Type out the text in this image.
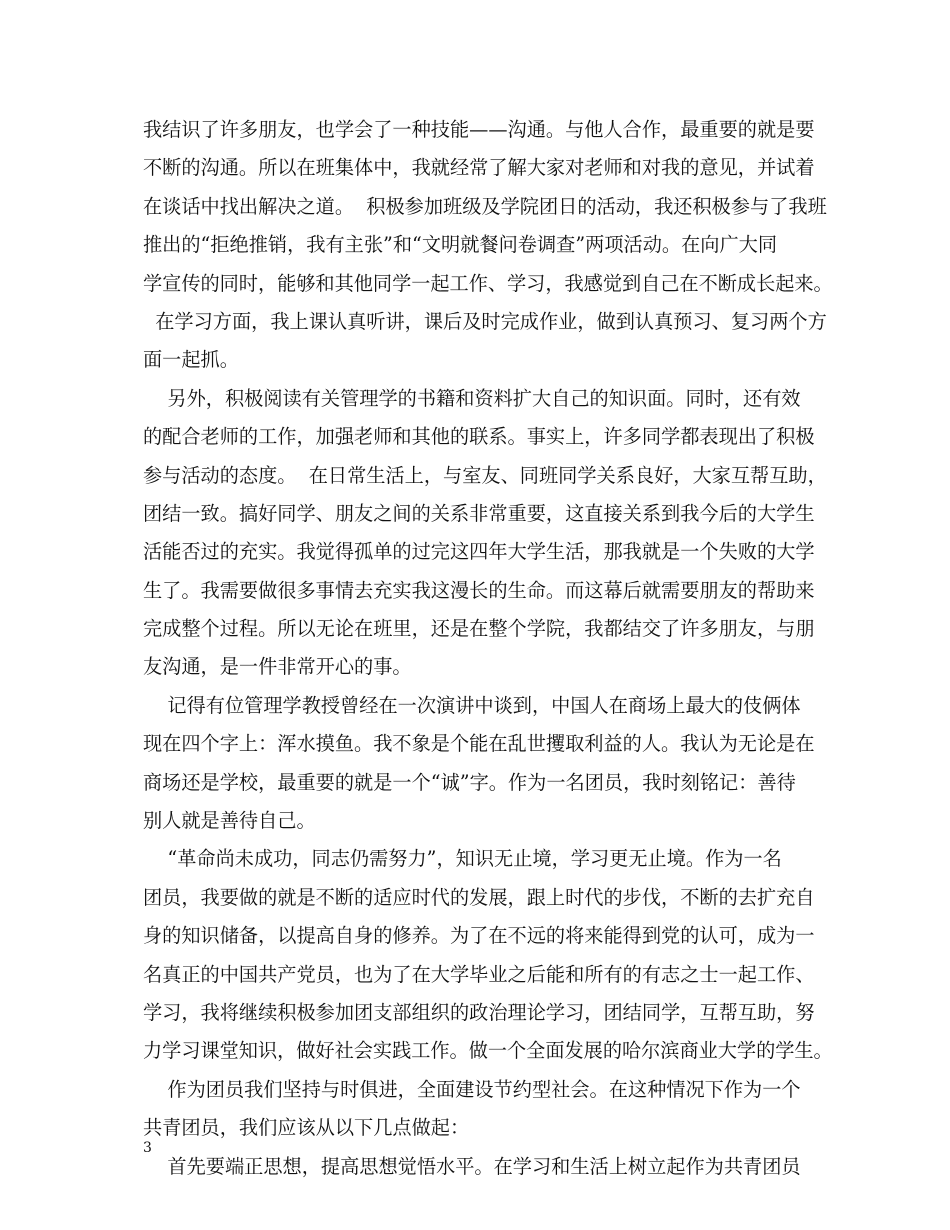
我结识了许多朋友，也学会了一种技能——沟通。与他人合作，最重要的就是要
不断的沟通。所以在班集体中，我就经常了解大家对老师和对我的意见，并试着
在谈话中找出解决之道。  积极参加班级及学院团日的活动，我还积极参与了我班
推出的“拒绝推销，我有主张”和“文明就餐问卷调查”两项活动。在向广大同
学宣传的同时，能够和其他同学一起工作、学习，我感觉到自己在不断成长起来。
在学习方面，我上课认真听讲，课后及时完成作业，做到认真预习、复习两个方
面一起抓。
另外，积极阅读有关管理学的书籍和资料扩大自己的知识面。同时，还有效
的配合老师的工作，加强老师和其他的联系。事实上，许多同学都表现出了积极
参与活动的态度。  在日常生活上，与室友、同班同学关系良好，大家互帮互助，
团结一致。搞好同学、朋友之间的关系非常重要，这直接关系到我今后的大学生
活能否过的充实。我觉得孤单的过完这四年大学生活，那我就是一个失败的大学
生了。我需要做很多事情去充实我这漫长的生命。而这幕后就需要朋友的帮助来
完成整个过程。所以无论在班里，还是在整个学院，我都结交了许多朋友，与朋
友沟通，是一件非常开心的事。
记得有位管理学教授曾经在一次演讲中谈到，中国人在商场上最大的伎俩体
现在四个字上：浑水摸鱼。我不象是个能在乱世攫取利益的人。我认为无论是在
商场还是学校，最重要的就是一个“诚”字。作为一名团员，我时刻铭记：善待
别人就是善待自己。
“革命尚未成功，同志仍需努力”，知识无止境，学习更无止境。作为一名
团员，我要做的就是不断的适应时代的发展，跟上时代的步伐，不断的去扩充自
身的知识储备，以提高自身的修养。为了在不远的将来能得到党的认可，成为一
名真正的中国共产党员，也为了在大学毕业之后能和所有的有志之士一起工作、
学习，我将继续积极参加团支部组织的政治理论学习，团结同学，互帮互助，努
力学习课堂知识，做好社会实践工作。做一个全面发展的哈尔滨商业大学的学生。
作为团员我们坚持与时俱进，全面建设节约型社会。在这种情况下作为一个
共青团员，我们应该从以下几点做起：
首先要端正思想，提高思想觉悟水平。在学习和生活上树立起作为共青团员
3
